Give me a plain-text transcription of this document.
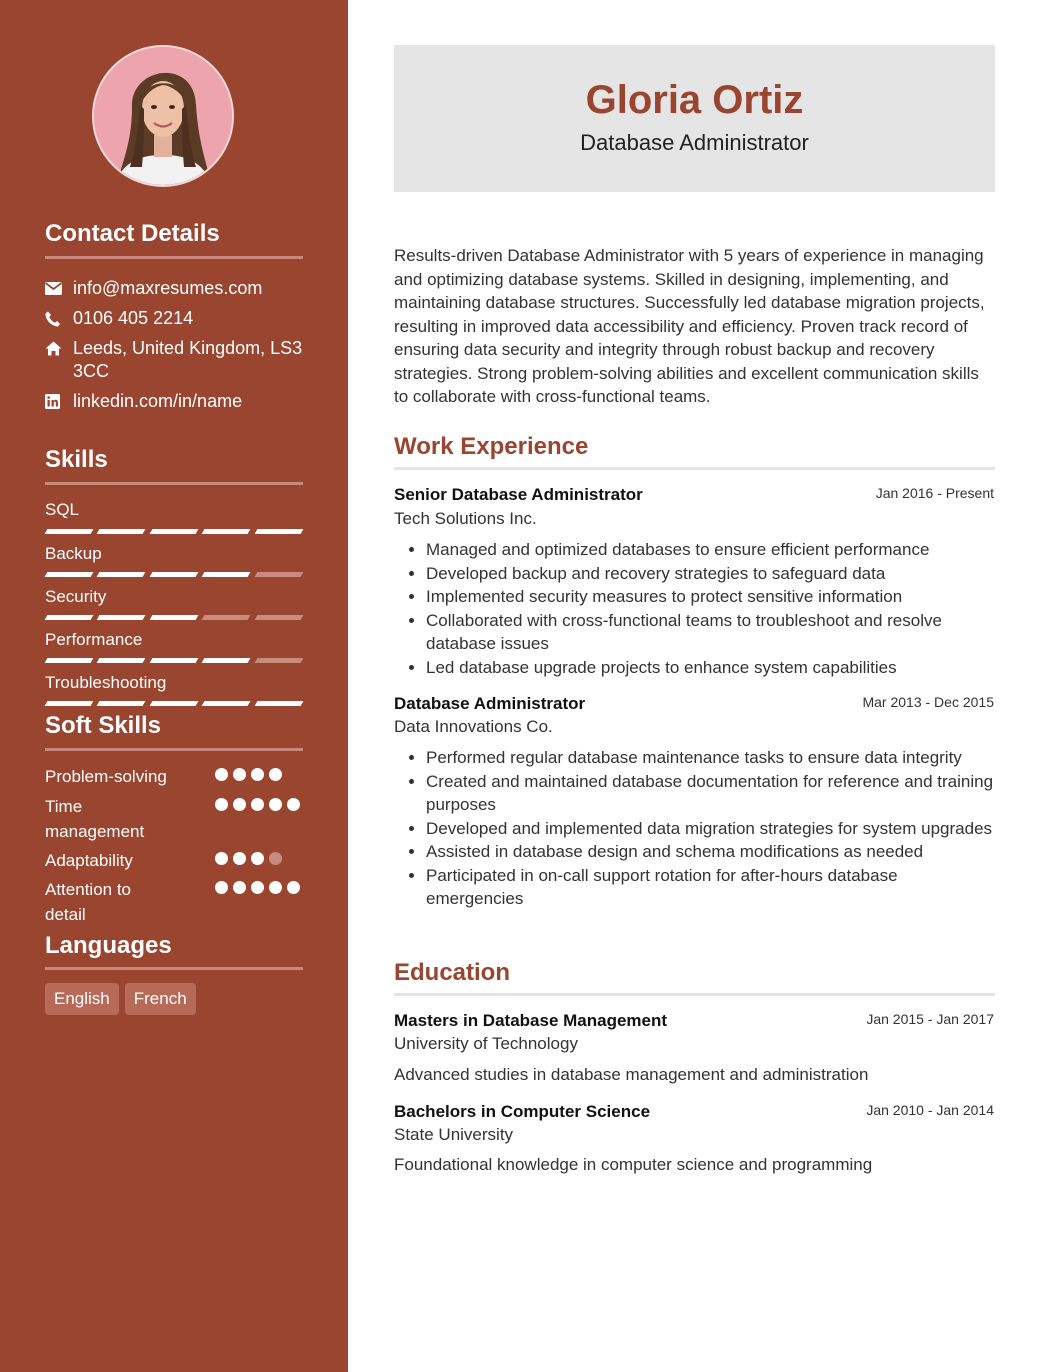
Contact Details
info@maxresumes.com
0106 405 2214
Leeds, United Kingdom, LS3 3CC
linkedin.com/in/name
Skills
SQL
Backup
Security
Performance
Troubleshooting
Soft Skills
Problem-solving
Time management
Adaptability
Attention to detail
Languages
English	French
Gloria Ortiz
Database Administrator
Results-driven Database Administrator with 5 years of experience in managing and optimizing database systems. Skilled in designing, implementing, and maintaining database structures. Successfully led database migration projects, resulting in improved data accessibility and efficiency. Proven track record of ensuring data security and integrity through robust backup and recovery strategies. Strong problem-solving abilities and excellent communication skills to collaborate with cross-functional teams.
Work Experience
Senior Database Administrator	Jan 2016 - Present
Tech Solutions Inc.
• Managed and optimized databases to ensure efficient performance
• Developed backup and recovery strategies to safeguard data
• Implemented security measures to protect sensitive information
• Collaborated with cross-functional teams to troubleshoot and resolve database issues
• Led database upgrade projects to enhance system capabilities
Database Administrator	Mar 2013 - Dec 2015
Data Innovations Co.
• Performed regular database maintenance tasks to ensure data integrity
• Created and maintained database documentation for reference and training purposes
• Developed and implemented data migration strategies for system upgrades
• Assisted in database design and schema modifications as needed
• Participated in on-call support rotation for after-hours database emergencies
Education
Masters in Database Management	Jan 2015 - Jan 2017
University of Technology
Advanced studies in database management and administration
Bachelors in Computer Science	Jan 2010 - Jan 2014
State University
Foundational knowledge in computer science and programming
